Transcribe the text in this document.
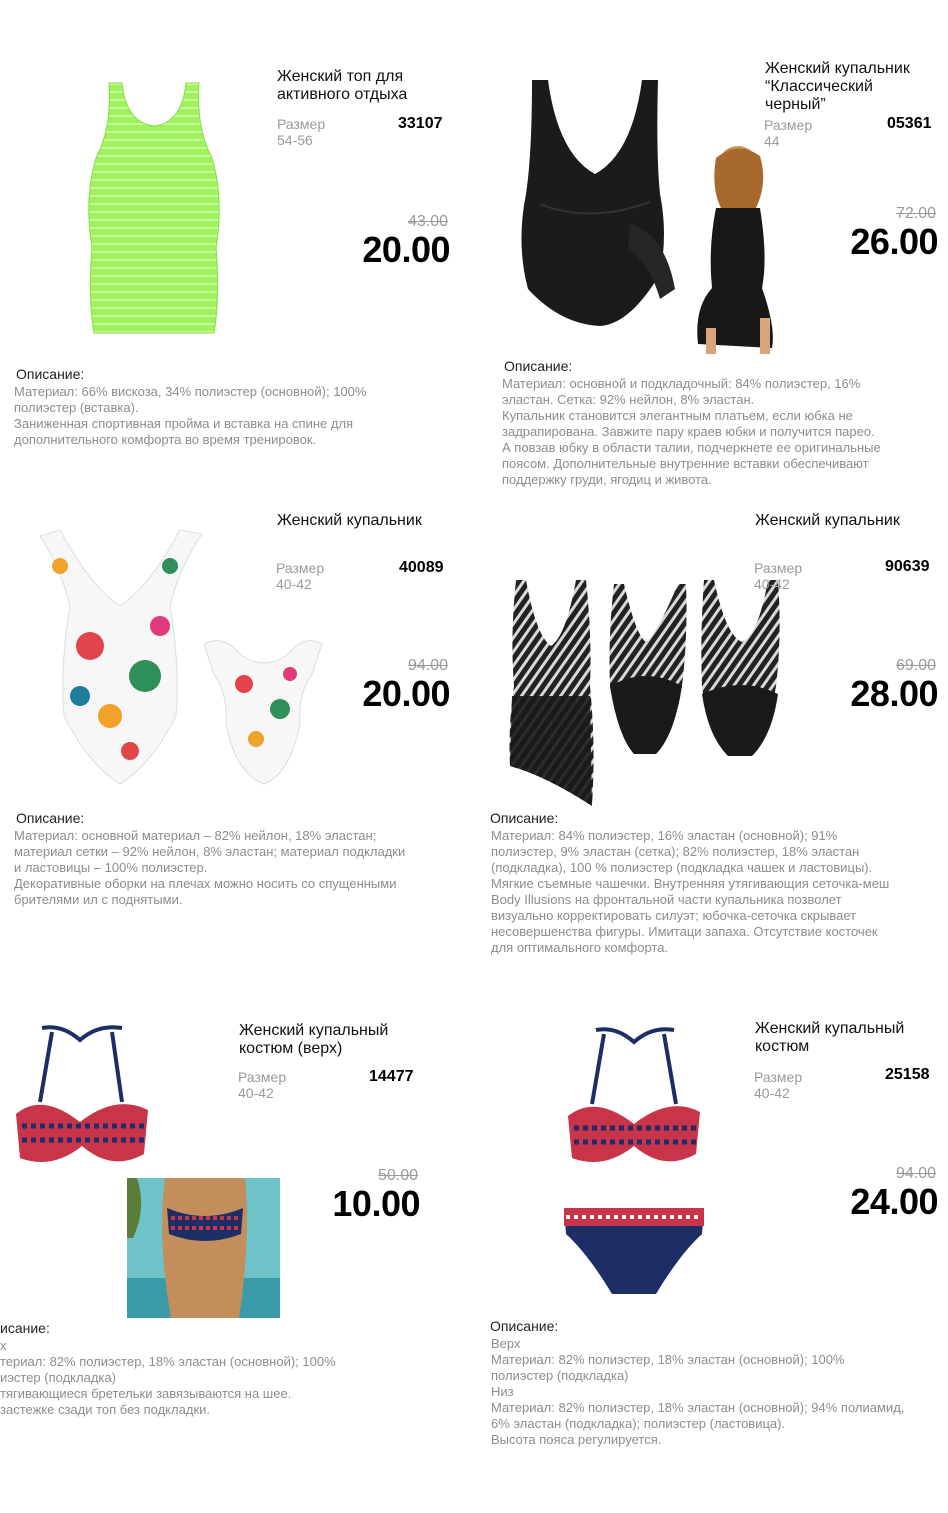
Женский топ для
активного отдыха
Размер 54-56
33107
43.00
20.00
Описание:
Материал: 66% вискоза, 34% полиэстер (основной); 100%
полиэстер (вставка).
Заниженная спортивная пройма и вставка на спине для
дополнительного комфорта во время тренировок.
Женский купальник
“Классический
черный”
Размер 44
05361
72.00
26.00
Описание:
Материал: основной и подкладочный: 84% полиэстер, 16%
эластан. Сетка: 92% нейлон, 8% эластан.
Купальник становится элегантным платьем, если юбка не
задрапирована. Завжите пару краев юбки и получится парео.
А повзав юбку в области талии, подчеркнете ее оригинальные
поясом. Дополнительные внутренние вставки обеспечивают
поддержку груди, ягодиц и живота.
Женский купальник
Размер 40-42
40089
94.00
20.00
Описание:
Материал: основной материал – 82% нейлон, 18% эластан;
материал сетки – 92% нейлон, 8% эластан; материал подкладки
и ластовицы – 100% полиэстер.
Декоративные оборки на плечах можно носить со спущенными
брителями ил с поднятыми.
Женский купальник
Размер 40-42
90639
69.00
28.00
Описание:
Материал: 84% полиэстер, 16% эластан (основной); 91%
полиэстер, 9% эластан (сетка); 82% полиэстер, 18% эластан
(подкладка), 100 % полиэстер (подкладка чашек и ластовицы).
Мягкие съемные чашечки. Внутренняя утягивающия сеточка-меш
Body Illusions на фронтальной части купальника позволет
визуально корректировать силуэт; юбочка-сеточка скрывает
несовершенства фигуры. Имитаци запаха. Отсутствие косточек
для оптимального комфорта.
Женский купальный
костюм (верх)
Размер 40-42
14477
50.00
10.00
исание:
х
териал: 82% полиэстер, 18% эластан (основной); 100%
иэстер (подкладка)
тягивающиеся бретельки завязываются на шее.
застежке сзади топ без подкладки.
Женский купальный
костюм
Размер 40-42
25158
94.00
24.00
Описание:
Верх
Материал: 82% полиэстер, 18% эластан (основной); 100%
полиэстер (подкладка)
Низ
Материал: 82% полиэстер, 18% эластан (основной); 94% полиамид,
6% эластан (подкладка); полиэстер (ластовица).
Высота пояса регулируется.
